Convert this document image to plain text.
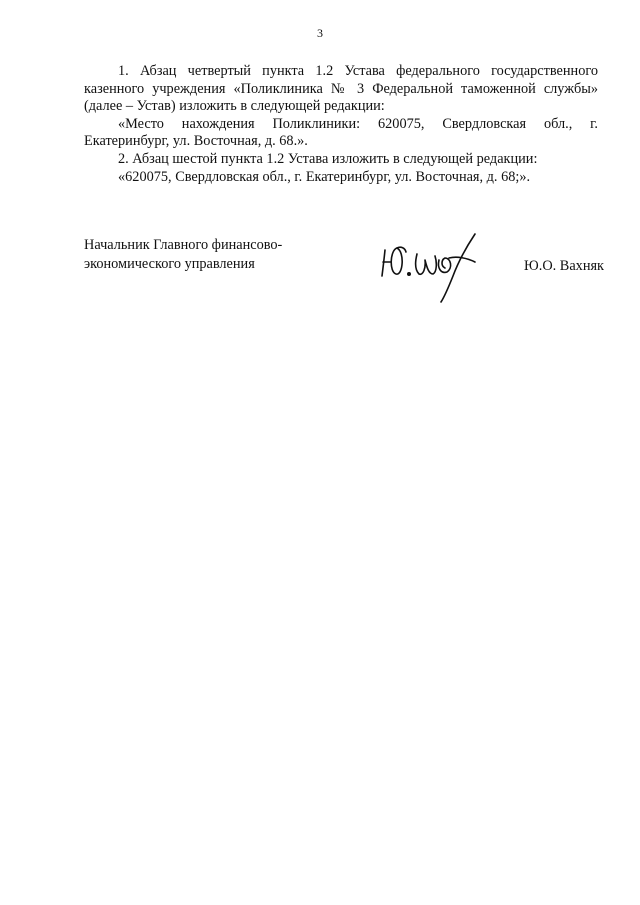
3

1. Абзац четвертый пункта 1.2 Устава федерального государственного казенного учреждения «Поликлиника № 3 Федеральной таможенной службы» (далее – Устав) изложить в следующей редакции:

«Место нахождения Поликлиники: 620075, Свердловская обл., г. Екатеринбург, ул. Восточная, д. 68.».

2. Абзац шестой пункта 1.2 Устава изложить в следующей редакции:

«620075, Свердловская обл., г. Екатеринбург, ул. Восточная, д. 68;».

Начальник Главного финансово-
экономического управления	Ю.О. Вахняк
